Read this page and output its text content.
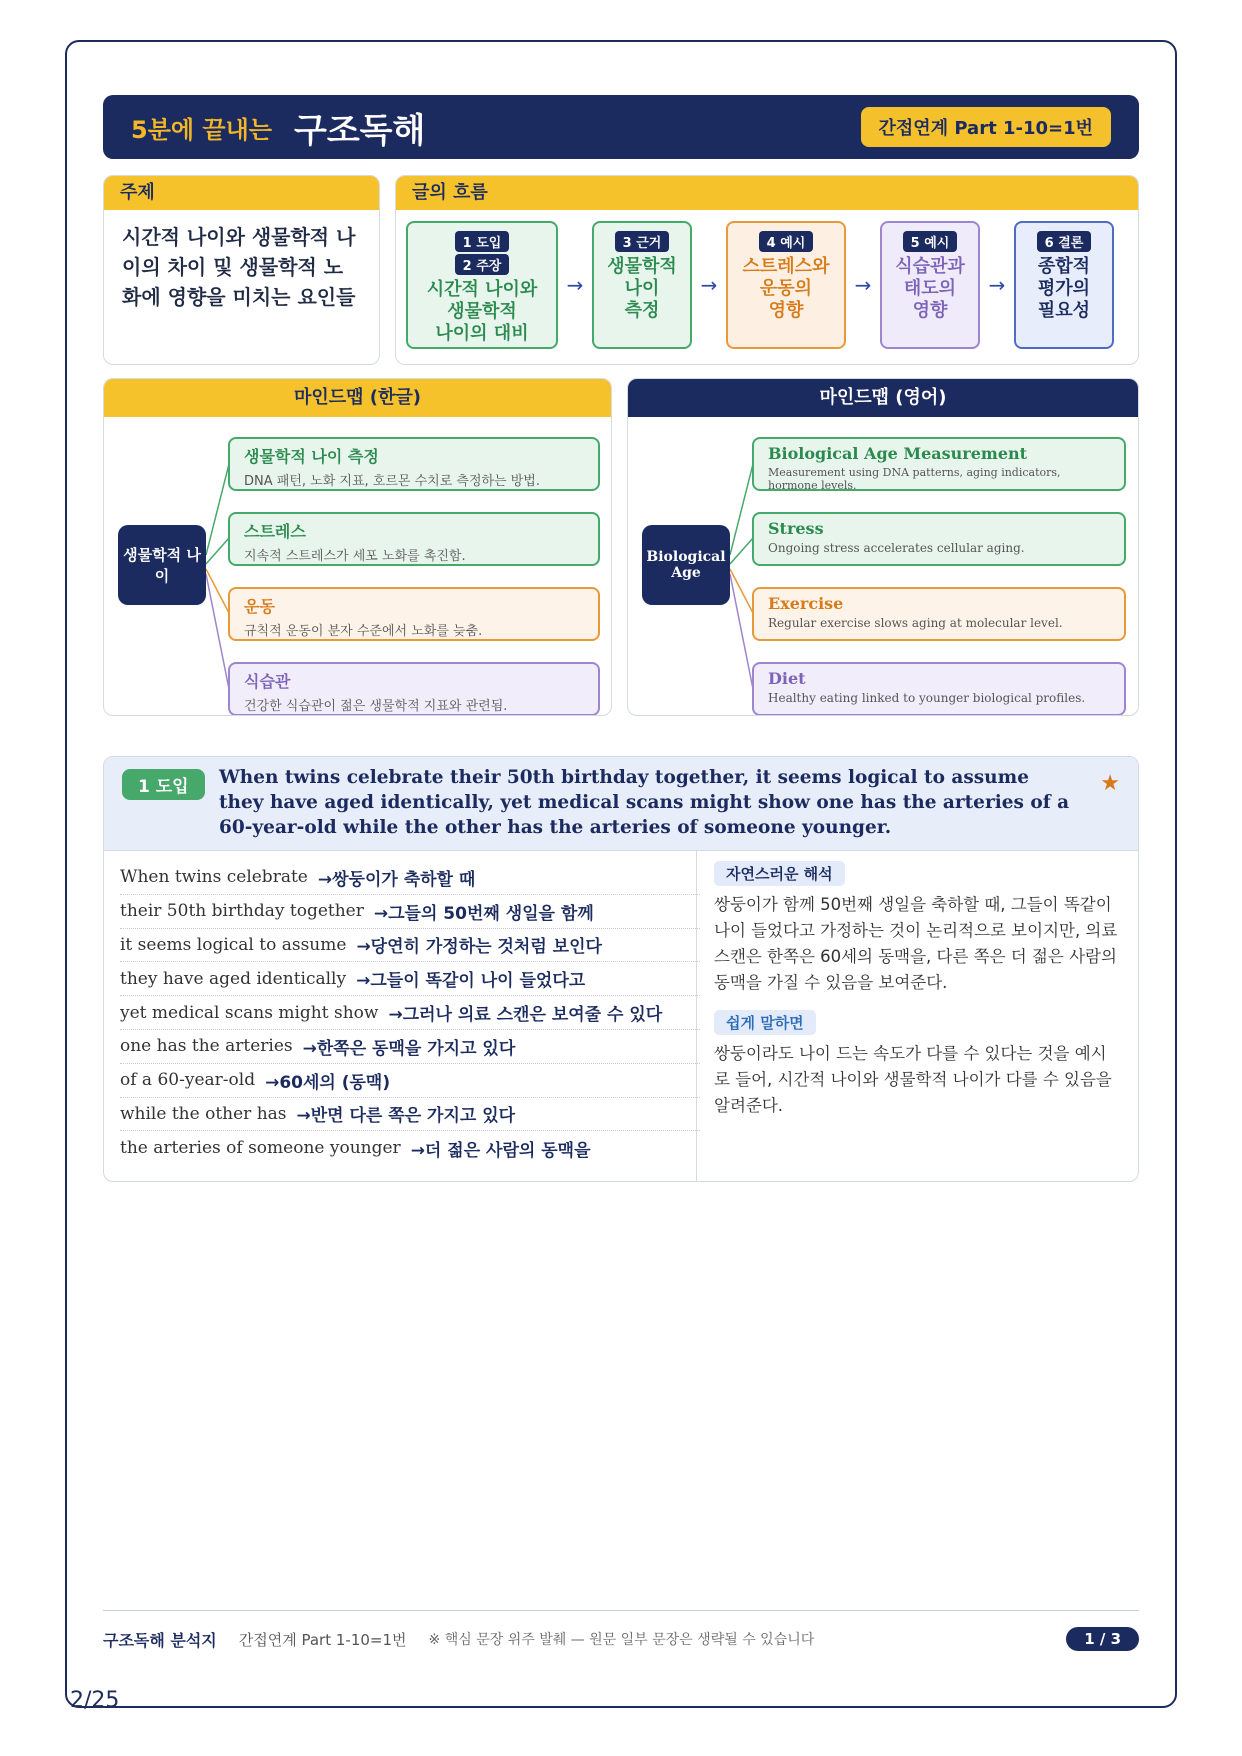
5분에 끝내는 구조독해	간접연계 Part 1-10=1번
주제
시간적 나이와 생물학적 나이의 차이 및 생물학적 노화에 영향을 미치는 요인들
글의 흐름
1 도입
2 주장
시간적 나이와
생물학적
나이의 대비
→
3 근거
생물학적
나이
측정
→
4 예시
스트레스와
운동의
영향
→
5 예시
식습관과
태도의
영향
→
6 결론
종합적
평가의
필요성
마인드맵 (한글)
생물학적 나이
생물학적 나이 측정
DNA 패턴, 노화 지표, 호르몬 수치로 측정하는 방법.
스트레스
지속적 스트레스가 세포 노화를 촉진함.
운동
규칙적 운동이 분자 수준에서 노화를 늦춤.
식습관
건강한 식습관이 젊은 생물학적 지표와 관련됨.
마인드맵 (영어)
Biological Age
Biological Age Measurement
Measurement using DNA patterns, aging indicators, hormone levels.
Stress
Ongoing stress accelerates cellular aging.
Exercise
Regular exercise slows aging at molecular level.
Diet
Healthy eating linked to younger biological profiles.
1 도입	When twins celebrate their 50th birthday together, it seems logical to assume they have aged identically, yet medical scans might show one has the arteries of a 60-year-old while the other has the arteries of someone younger.
★
When twins celebrate →쌍둥이가 축하할 때
their 50th birthday together →그들의 50번째 생일을 함께
it seems logical to assume →당연히 가정하는 것처럼 보인다
they have aged identically →그들이 똑같이 나이 들었다고
yet medical scans might show →그러나 의료 스캔은 보여줄 수 있다
one has the arteries →한쪽은 동맥을 가지고 있다
of a 60-year-old →60세의 (동맥)
while the other has →반면 다른 쪽은 가지고 있다
the arteries of someone younger →더 젊은 사람의 동맥을
자연스러운 해석
쌍둥이가 함께 50번째 생일을 축하할 때, 그들이 똑같이 나이 들었다고 가정하는 것이 논리적으로 보이지만, 의료 스캔은 한쪽은 60세의 동맥을, 다른 쪽은 더 젊은 사람의 동맥을 가질 수 있음을 보여준다.
쉽게 말하면
쌍둥이라도 나이 드는 속도가 다를 수 있다는 것을 예시로 들어, 시간적 나이와 생물학적 나이가 다를 수 있음을 알려준다.
구조독해 분석지 간접연계 Part 1-10=1번 ※ 핵심 문장 위주 발췌 — 원문 일부 문장은 생략될 수 있습니다	1 / 3
2/25
